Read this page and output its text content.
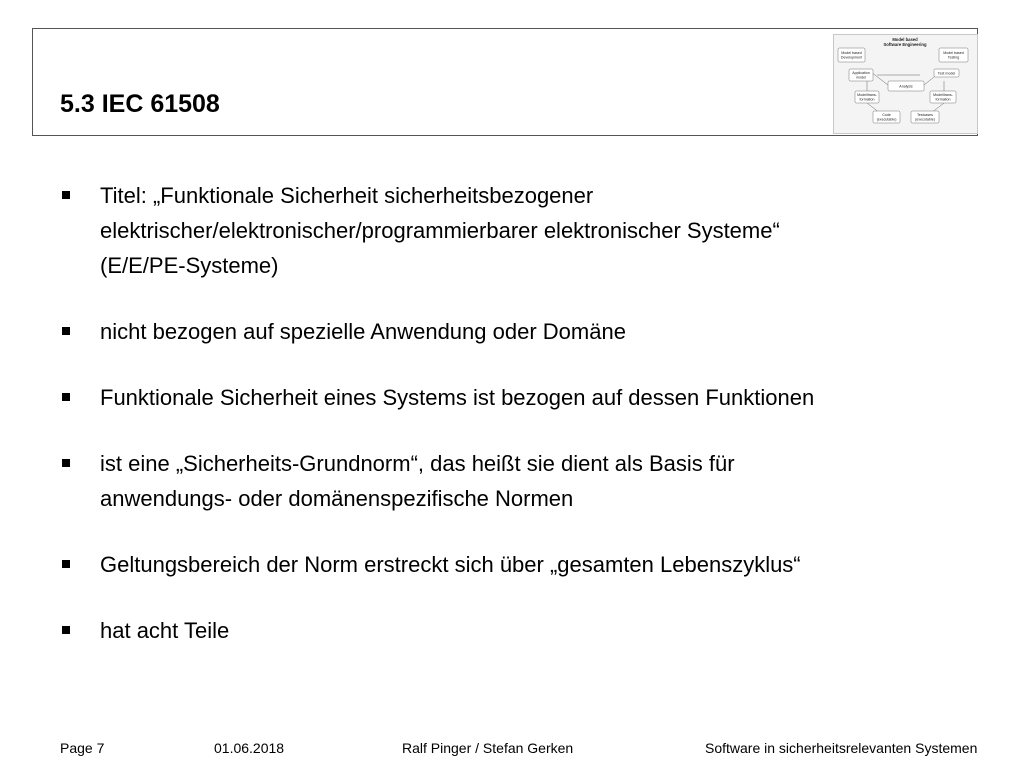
5.3 IEC 61508
Model based
Software Engineering
Model based
Development
Model based
Testing
Application
model
Test model
Analysis
Modelltrans-
formation
Modelltrans-
formation
Code
(executable)
Testcases
(executable)
Titel: „Funktionale Sicherheit sicherheitsbezogener
elektrischer/elektronischer/programmierbarer elektronischer Systeme“
(E/E/PE-Systeme)
nicht bezogen auf spezielle Anwendung oder Domäne
Funktionale Sicherheit eines Systems ist bezogen auf dessen Funktionen
ist eine „Sicherheits-Grundnorm“, das heißt sie dient als Basis für
anwendungs- oder domänenspezifische Normen
Geltungsbereich der Norm erstreckt sich über „gesamten Lebenszyklus“
hat acht Teile
Page 7	01.06.2018	Ralf Pinger / Stefan Gerken	Software in sicherheitsrelevanten Systemen
